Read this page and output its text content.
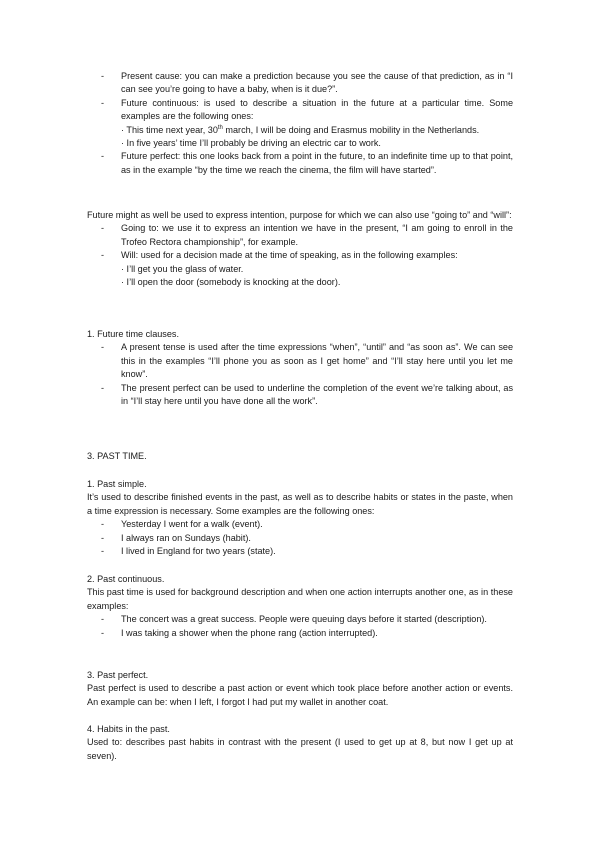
-	Present cause: you can make a prediction because you see the cause of that prediction, as in “I can see you’re going to have a baby, when is it due?”.
-	Future continuous: is used to describe a situation in the future at a particular time. Some examples are the following ones:

· This time next year, 30th march, I will be doing and Erasmus mobility in the Netherlands.

· In five years’ time I’ll probably be driving an electric car to work.

-	Future perfect: this one looks back from a point in the future, to an indefinite time up to that point, as in the example “by the time we reach the cinema, the film will have started”.

Future might as well be used to express intention, purpose for which we can also use “going to” and “will”:

-	Going to: we use it to express an intention we have in the present, “I am going to enroll in the Trofeo Rectora championship”, for example.
-	Will: used for a decision made at the time of speaking, as in the following examples:

· I’ll get you the glass of water.

· I’ll open the door (somebody is knocking at the door).

1. Future time clauses.

-	A present tense is used after the time expressions “when”, “until” and “as soon as”. We can see this in the examples “I’ll phone you as soon as I get home” and “I’ll stay here until you let me know”.
-	The present perfect can be used to underline the completion of the event we’re talking about, as in “I’ll stay here until you have done all the work”.

3. PAST TIME.

1. Past simple.

It’s used to describe finished events in the past, as well as to describe habits or states in the paste, when a time expression is necessary. Some examples are the following ones:

-	Yesterday I went for a walk (event).
-	I always ran on Sundays (habit).
-	I lived in England for two years (state).

2. Past continuous.

This past time is used for background description and when one action interrupts another one, as in these examples:

-	The concert was a great success. People were queuing days before it started (description).
-	I was taking a shower when the phone rang (action interrupted).

3. Past perfect.

Past perfect is used to describe a past action or event which took place before another action or events. An example can be: when I left, I forgot I had put my wallet in another coat.

4. Habits in the past.

Used to: describes past habits in contrast with the present (I used to get up at 8, but now I get up at seven).
